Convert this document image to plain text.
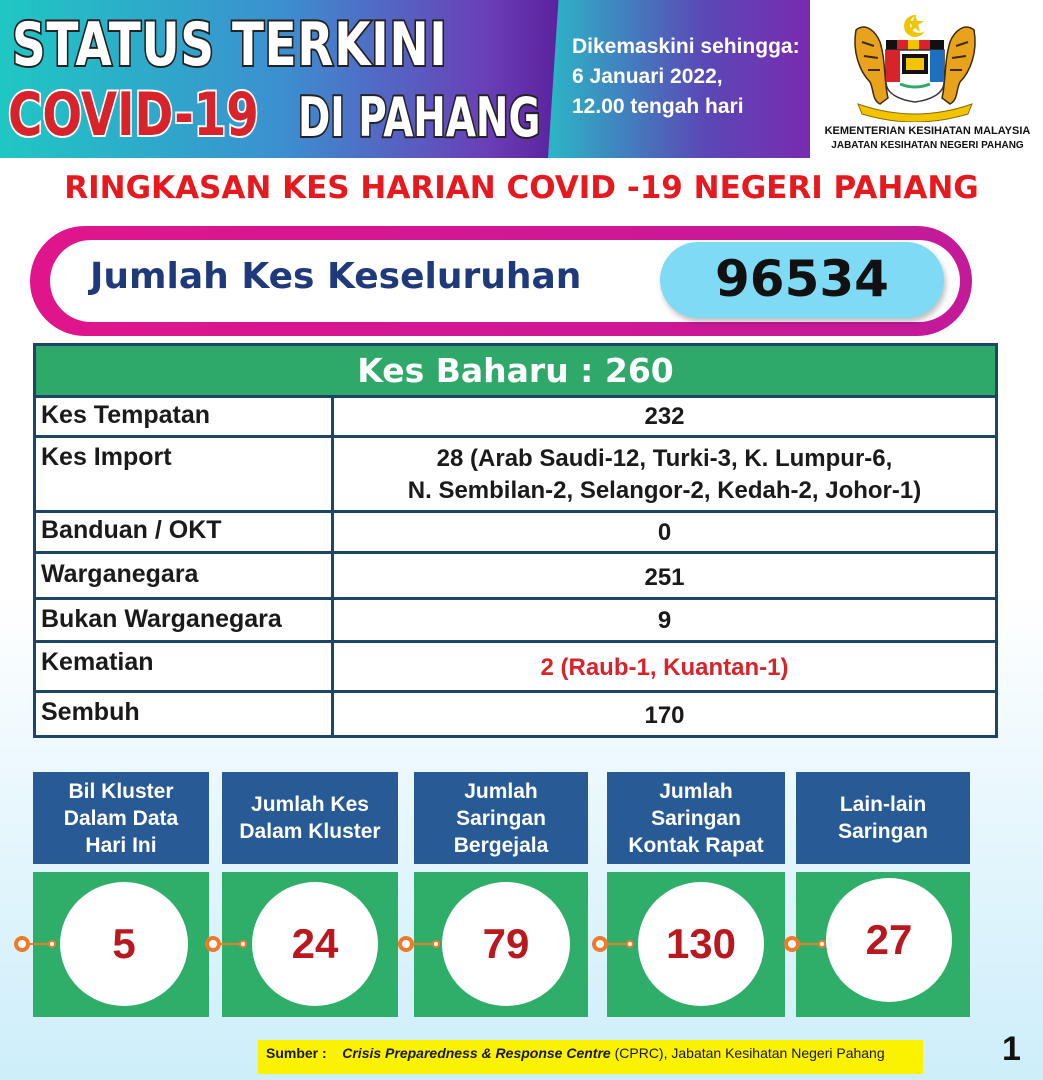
STATUS TERKINI
COVID-19 DI PAHANG
Dikemaskini sehingga:
6 Januari 2022,
12.00 tengah hari
KEMENTERIAN KESIHATAN MALAYSIA
JABATAN KESIHATAN NEGERI PAHANG
RINGKASAN KES HARIAN COVID -19 NEGERI PAHANG
Jumlah Kes Keseluruhan	96534
Kes Baharu : 260
Kes Tempatan	232
Kes Import	28 (Arab Saudi-12, Turki-3, K. Lumpur-6,
N. Sembilan-2, Selangor-2, Kedah-2, Johor-1)
Banduan / OKT	0
Warganegara	251
Bukan Warganegara	9
Kematian	2 (Raub-1, Kuantan-1)
Sembuh	170
Bil Kluster Dalam Data Hari Ini
Jumlah Kes Dalam Kluster
Jumlah Saringan Bergejala
Jumlah Saringan Kontak Rapat
Lain-lain Saringan
5	24	79	130	27
Sumber : Crisis Preparedness & Response Centre (CPRC), Jabatan Kesihatan Negeri Pahang	1
